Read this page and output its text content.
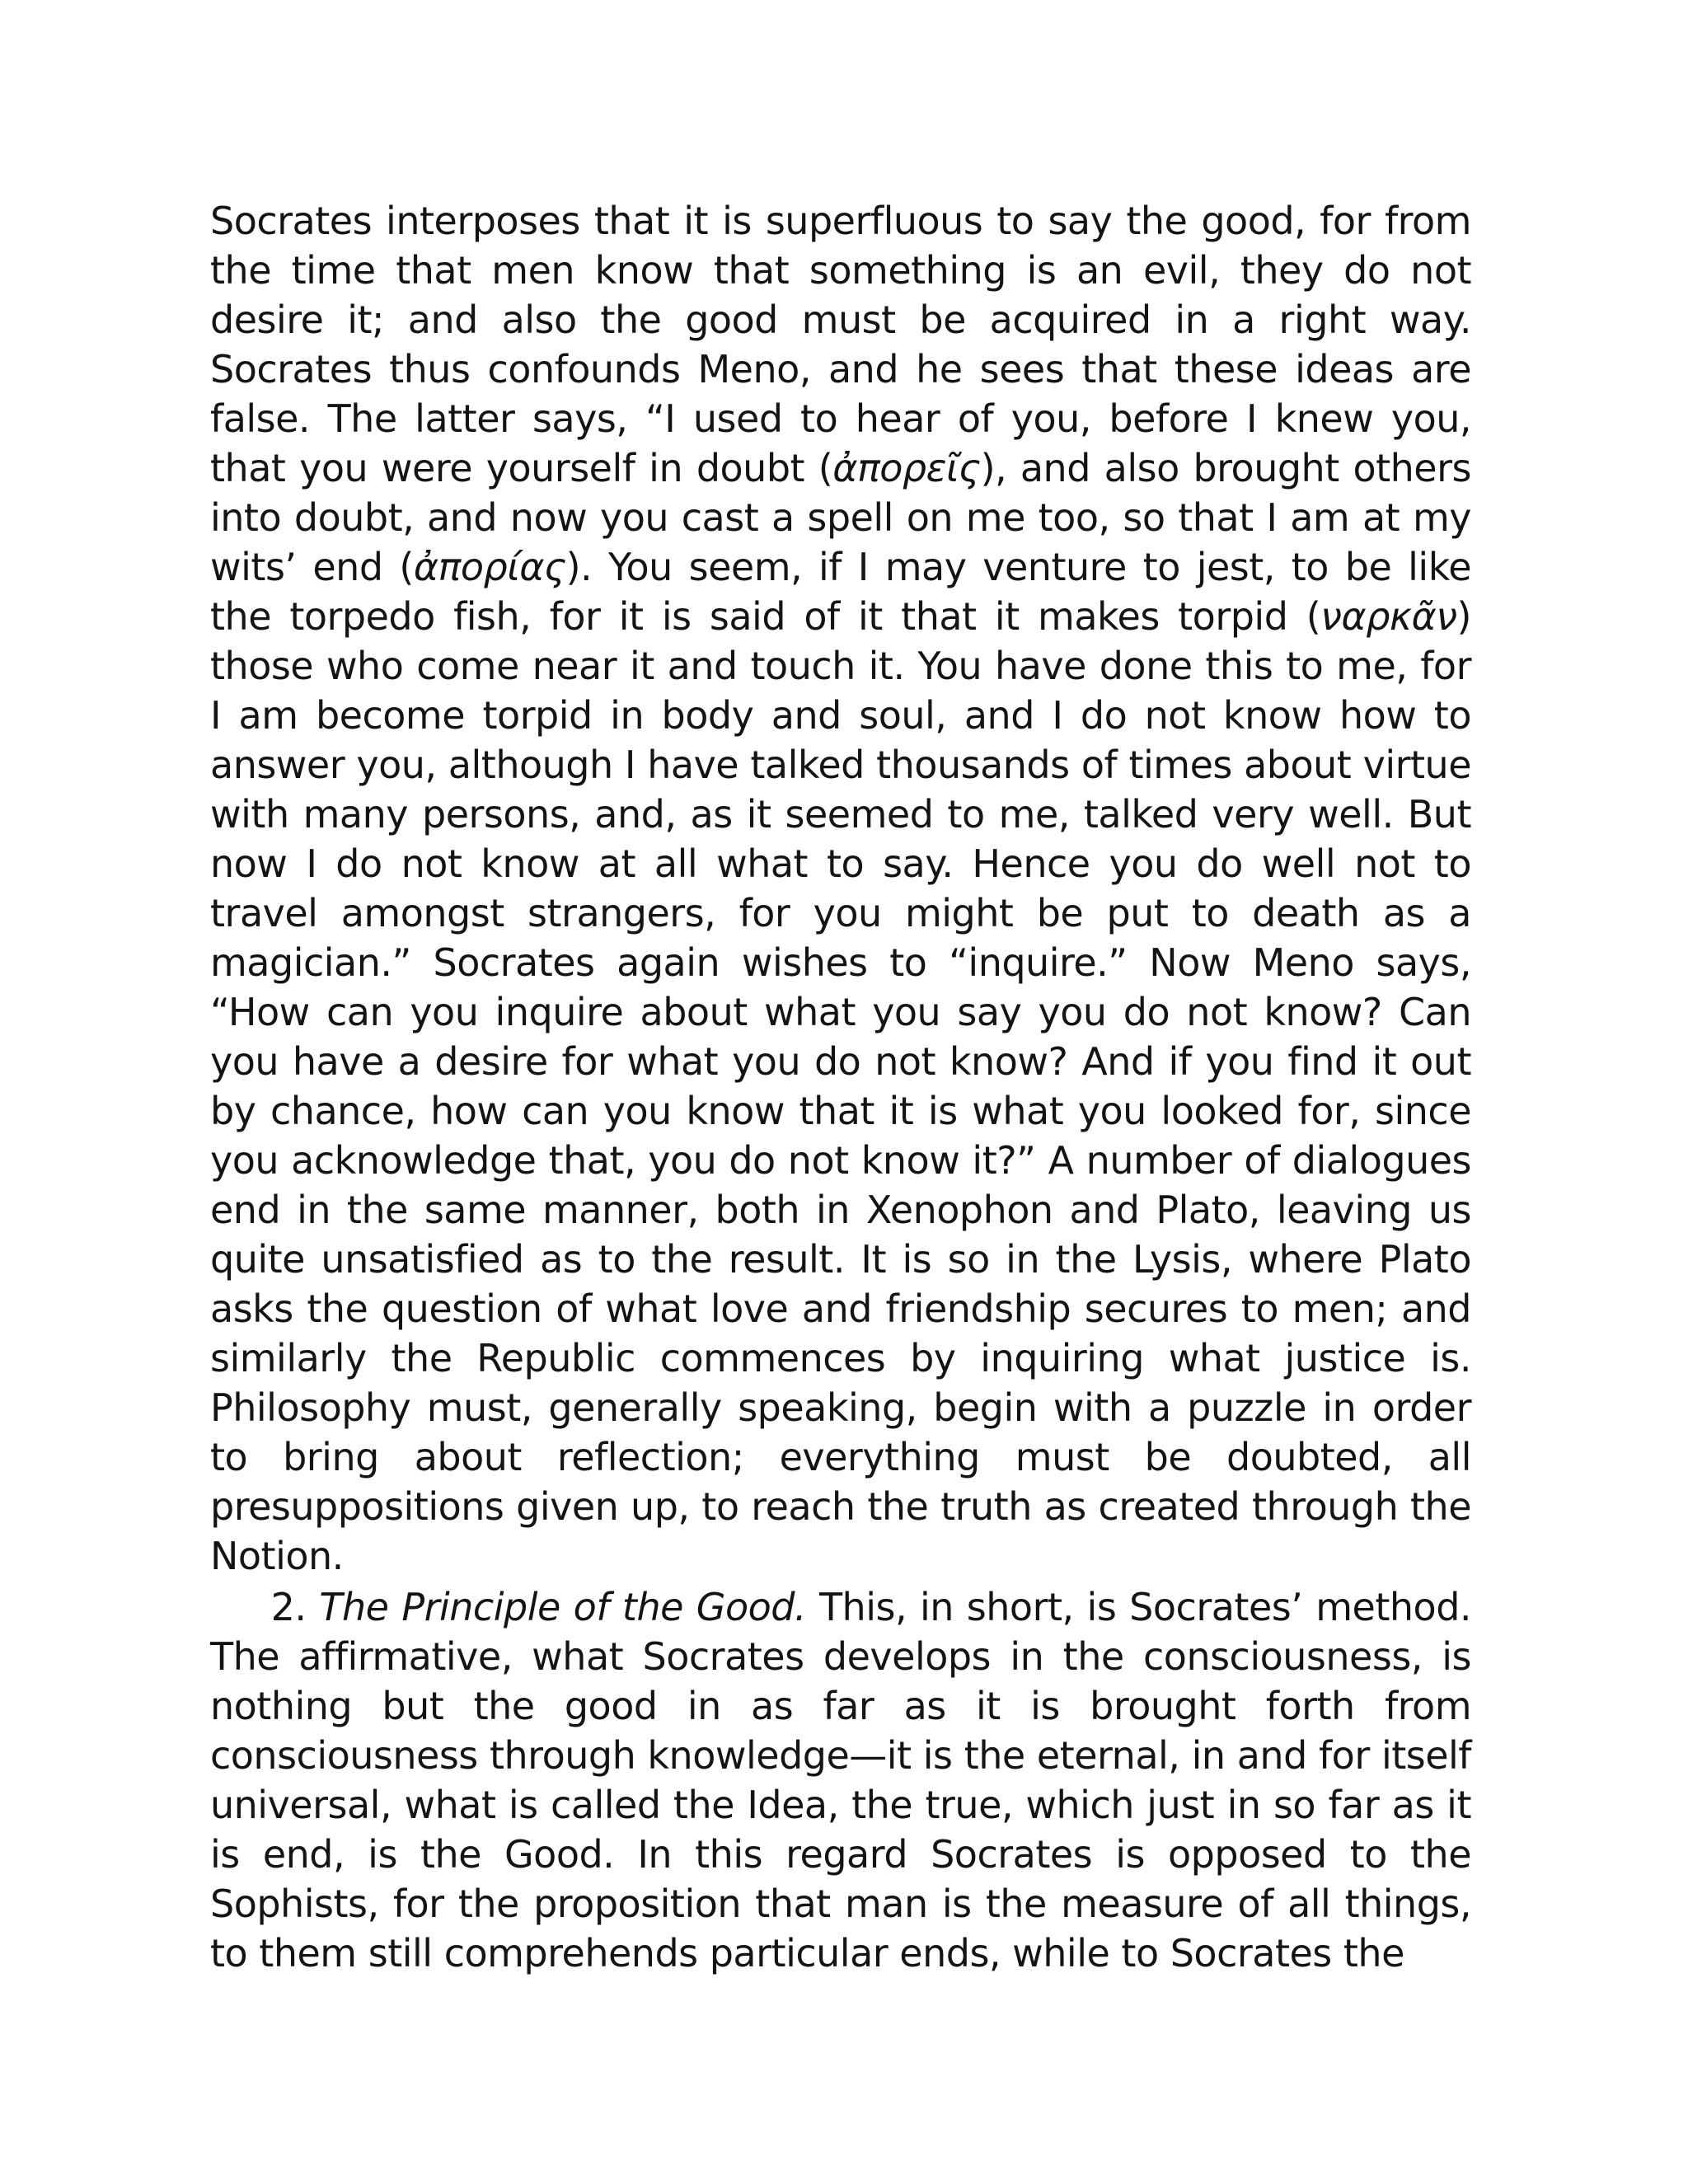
Socrates interposes that it is superfluous to say the good, for from the time that men know that something is an evil, they do not desire it; and also the good must be acquired in a right way. Socrates thus confounds Meno, and he sees that these ideas are false. The latter says, “I used to hear of you, before I knew you, that you were yourself in doubt (ἀπορεῖς), and also brought others into doubt, and now you cast a spell on me too, so that I am at my wits’ end (ἀπορίας). You seem, if I may venture to jest, to be like the torpedo fish, for it is said of it that it makes torpid (ναρκᾶν) those who come near it and touch it. You have done this to me, for I am become torpid in body and soul, and I do not know how to answer you, although I have talked thousands of times about virtue with many persons, and, as it seemed to me, talked very well. But now I do not know at all what to say. Hence you do well not to travel amongst strangers, for you might be put to death as a magician.” Socrates again wishes to “inquire.” Now Meno says, “How can you inquire about what you say you do not know? Can you have a desire for what you do not know? And if you find it out by chance, how can you know that it is what you looked for, since you acknowledge that, you do not know it?” A number of dialogues end in the same manner, both in Xenophon and Plato, leaving us quite unsatisfied as to the result. It is so in the Lysis, where Plato asks the question of what love and friendship secures to men; and similarly the Republic commences by inquiring what justice is. Philosophy must, generally speaking, begin with a puzzle in order to bring about reflection; everything must be doubted, all presuppositions given up, to reach the truth as created through the Notion.

2. The Principle of the Good. This, in short, is Socrates’ method. The affirmative, what Socrates develops in the consciousness, is nothing but the good in as far as it is brought forth from consciousness through knowledge—it is the eternal, in and for itself universal, what is called the Idea, the true, which just in so far as it is end, is the Good. In this regard Socrates is opposed to the Sophists, for the proposition that man is the measure of all things, to them still comprehends particular ends, while to Socrates the
